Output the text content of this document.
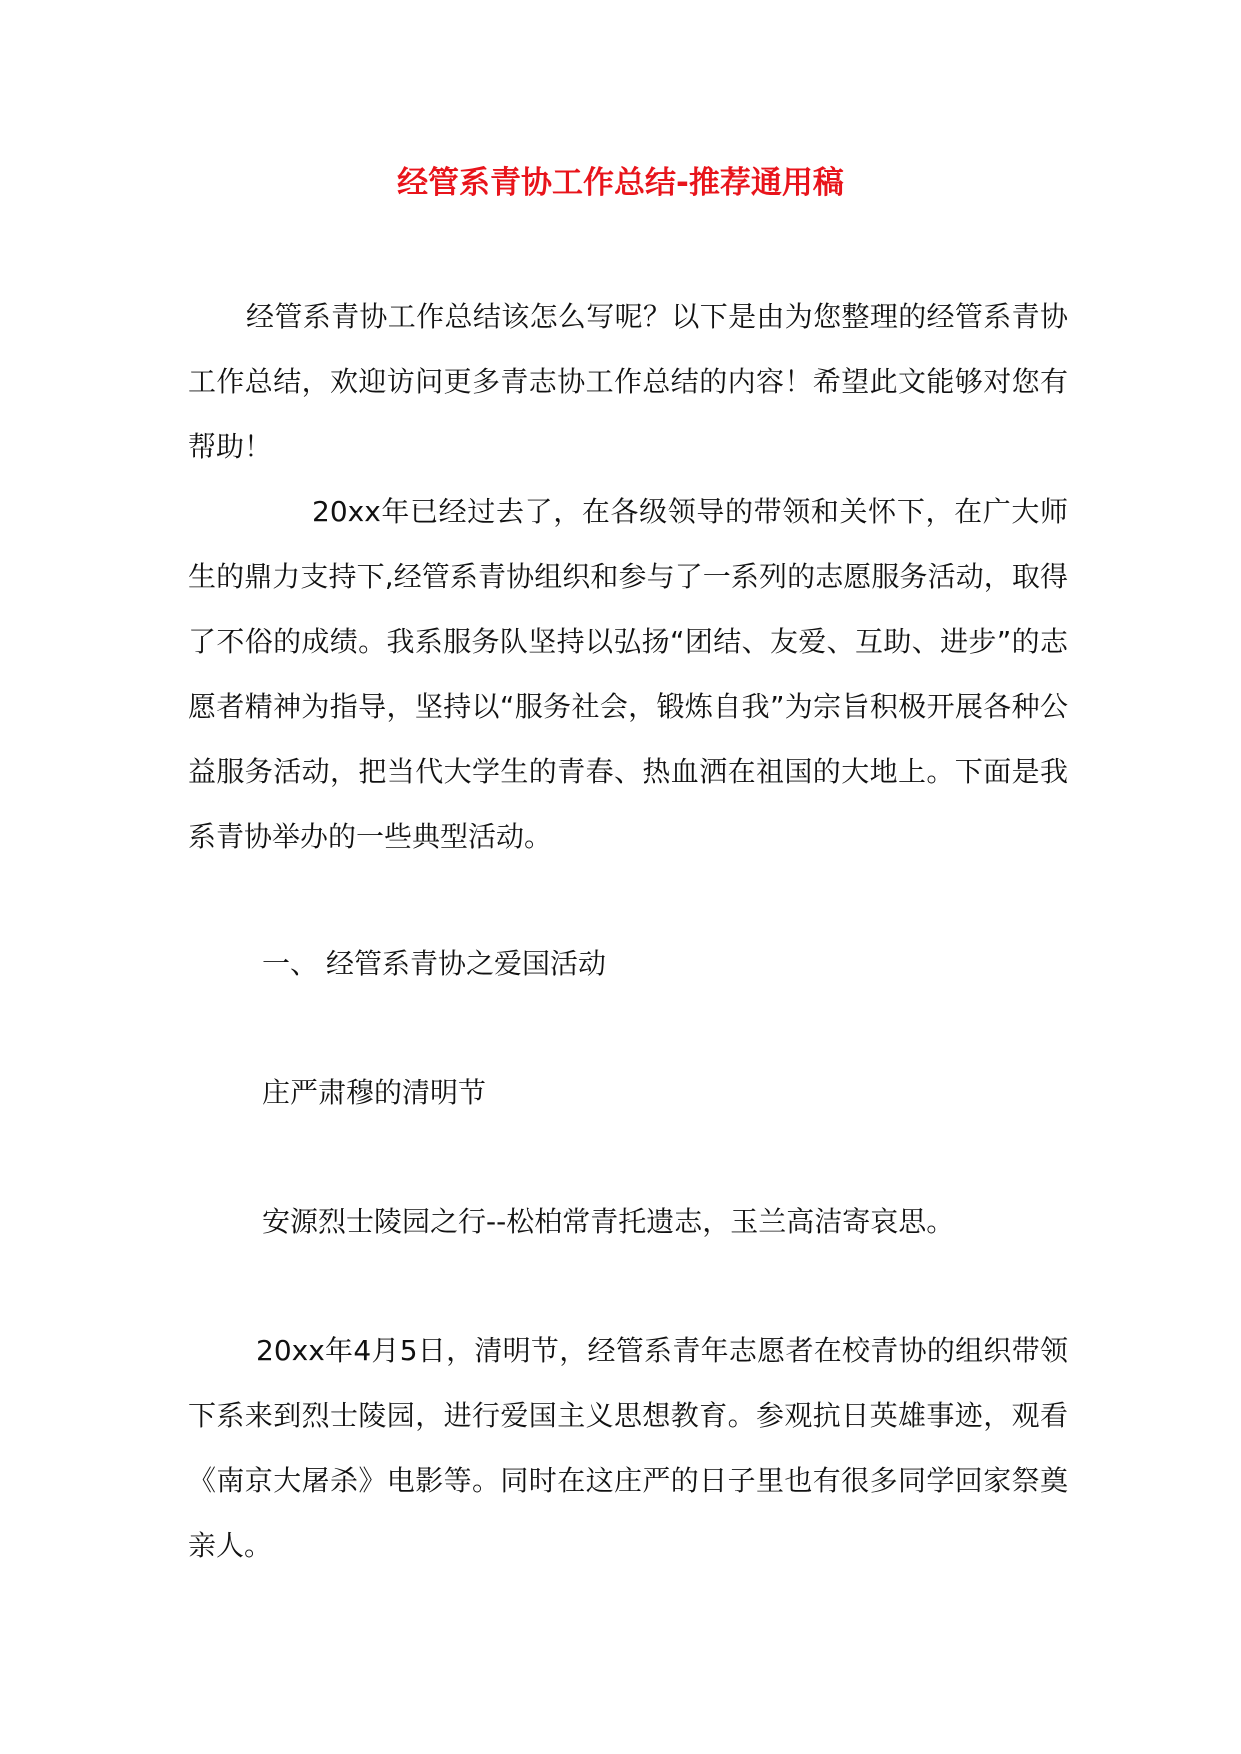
经管系青协工作总结-推荐通用稿

经管系青协工作总结该怎么写呢？以下是由为您整理的经管系青协工作总结，欢迎访问更多青志协工作总结的内容！希望此文能够对您有帮助！

20xx年已经过去了，在各级领导的带领和关怀下，在广大师生的鼎力支持下,经管系青协组织和参与了一系列的志愿服务活动，取得了不俗的成绩。我系服务队坚持以弘扬“团结、友爱、互助、进步”的志愿者精神为指导，坚持以“服务社会，锻炼自我”为宗旨积极开展各种公益服务活动，把当代大学生的青春、热血洒在祖国的大地上。下面是我系青协举办的一些典型活动。

一、 经管系青协之爱国活动

庄严肃穆的清明节

安源烈士陵园之行--松柏常青托遗志，玉兰高洁寄哀思。

20xx年4月5日，清明节，经管系青年志愿者在校青协的组织带领下系来到烈士陵园，进行爱国主义思想教育。参观抗日英雄事迹，观看《南京大屠杀》电影等。同时在这庄严的日子里也有很多同学回家祭奠亲人。
